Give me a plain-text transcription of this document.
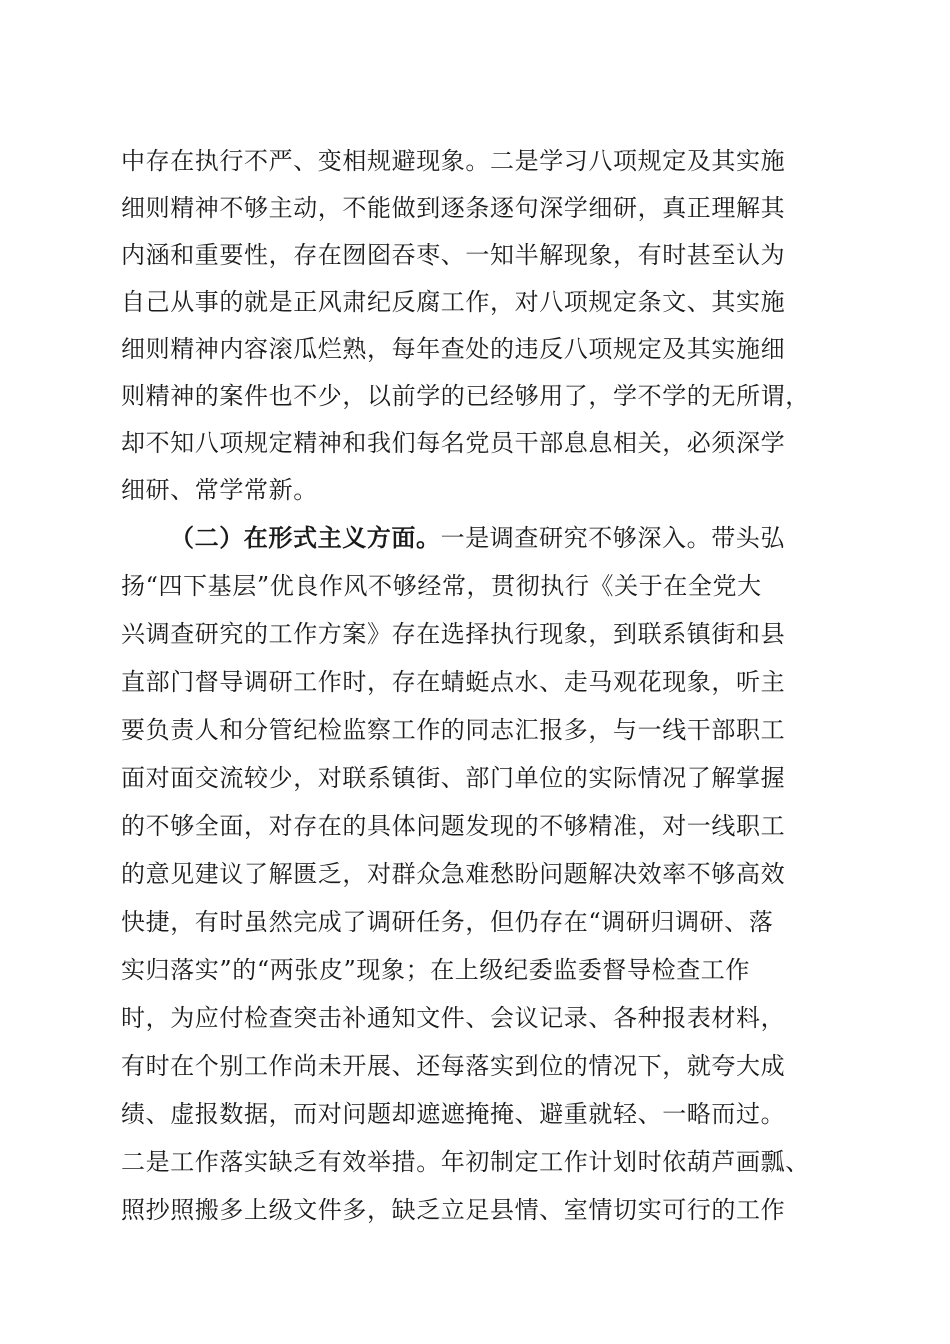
中存在执行不严、变相规避现象。二是学习八项规定及其实施
细则精神不够主动，不能做到逐条逐句深学细研，真正理解其
内涵和重要性，存在囫囵吞枣、一知半解现象，有时甚至认为
自己从事的就是正风肃纪反腐工作，对八项规定条文、其实施
细则精神内容滚瓜烂熟，每年查处的违反八项规定及其实施细
则精神的案件也不少，以前学的已经够用了，学不学的无所谓，
却不知八项规定精神和我们每名党员干部息息相关，必须深学
细研、常学常新。
（二）在形式主义方面。一是调查研究不够深入。带头弘
扬“四下基层”优良作风不够经常，贯彻执行《关于在全党大
兴调查研究的工作方案》存在选择执行现象，到联系镇街和县
直部门督导调研工作时，存在蜻蜓点水、走马观花现象，听主
要负责人和分管纪检监察工作的同志汇报多，与一线干部职工
面对面交流较少，对联系镇街、部门单位的实际情况了解掌握
的不够全面，对存在的具体问题发现的不够精准，对一线职工
的意见建议了解匮乏，对群众急难愁盼问题解决效率不够高效
快捷，有时虽然完成了调研任务，但仍存在“调研归调研、落
实归落实”的“两张皮”现象；在上级纪委监委督导检查工作
时，为应付检查突击补通知文件、会议记录、各种报表材料，
有时在个别工作尚未开展、还每落实到位的情况下，就夸大成
绩、虚报数据，而对问题却遮遮掩掩、避重就轻、一略而过。
二是工作落实缺乏有效举措。年初制定工作计划时依葫芦画瓢、
照抄照搬多上级文件多，缺乏立足县情、室情切实可行的工作
